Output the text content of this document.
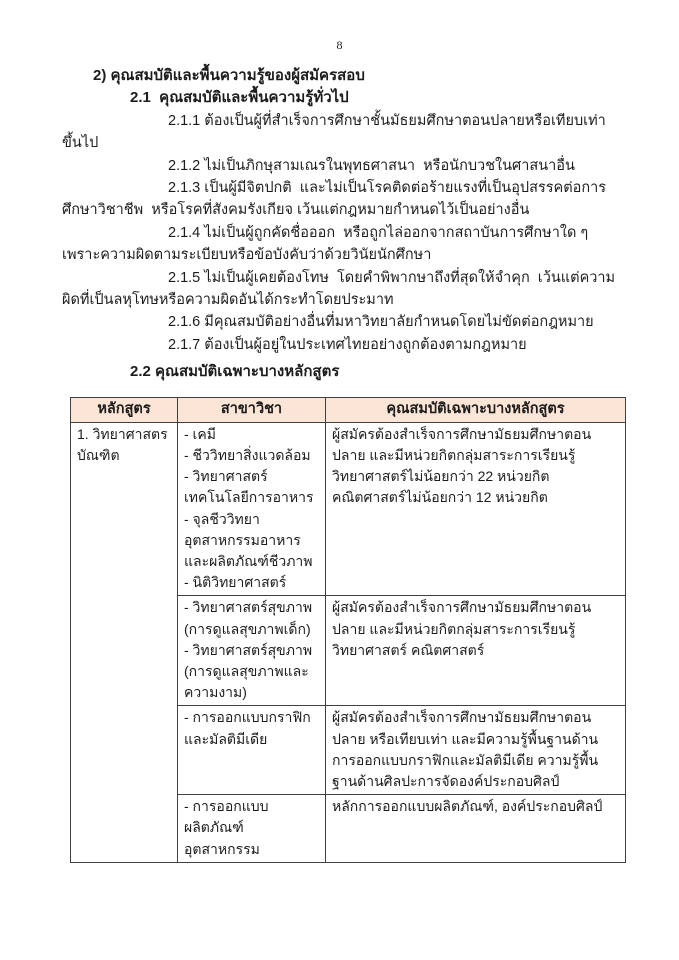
8

2) คุณสมบัติและพื้นความรู้ของผู้สมัครสอบ

2.1  คุณสมบัติและพื้นความรู้ทั่วไป

2.1.1 ต้องเป็นผู้ที่สำเร็จการศึกษาชั้นมัธยมศึกษาตอนปลายหรือเทียบเท่าขึ้นไป

2.1.2 ไม่เป็นภิกษุสามเณรในพุทธศาสนา  หรือนักบวชในศาสนาอื่น

2.1.3 เป็นผู้มีจิตปกติ  และไม่เป็นโรคติดต่อร้ายแรงที่เป็นอุปสรรคต่อการศึกษาวิชาชีพ  หรือโรคที่สังคมรังเกียจ เว้นแต่กฎหมายกำหนดไว้เป็นอย่างอื่น

2.1.4 ไม่เป็นผู้ถูกคัดชื่อออก  หรือถูกไล่ออกจากสถาบันการศึกษาใด ๆ เพราะความผิดตามระเบียบหรือข้อบังคับว่าด้วยวินัยนักศึกษา

2.1.5 ไม่เป็นผู้เคยต้องโทษ  โดยคำพิพากษาถึงที่สุดให้จำคุก  เว้นแต่ความผิดที่เป็นลหุโทษหรือความผิดอันได้กระทำโดยประมาท

2.1.6 มีคุณสมบัติอย่างอื่นที่มหาวิทยาลัยกำหนดโดยไม่ขัดต่อกฎหมาย

2.1.7 ต้องเป็นผู้อยู่ในประเทศไทยอย่างถูกต้องตามกฎหมาย

2.2 คุณสมบัติเฉพาะบางหลักสูตร

หลักสูตร	สาขาวิชา	คุณสมบัติเฉพาะบางหลักสูตร
1. วิทยาศาสตรบัณฑิต	- เคมี
- ชีววิทยาสิ่งแวดล้อม
- วิทยาศาสตร์เทคโนโลยีการอาหาร
- จุลชีววิทยาอุตสาหกรรมอาหารและผลิตภัณฑ์ชีวภาพ
- นิติวิทยาศาสตร์	ผู้สมัครต้องสำเร็จการศึกษามัธยมศึกษาตอนปลาย และมีหน่วยกิตกลุ่มสาระการเรียนรู้วิทยาศาสตร์ไม่น้อยกว่า 22 หน่วยกิต คณิตศาสตร์ไม่น้อยกว่า 12 หน่วยกิต

	- วิทยาศาสตร์สุขภาพ (การดูแลสุขภาพเด็ก)
- วิทยาศาสตร์สุขภาพ (การดูแลสุขภาพและความงาม)	ผู้สมัครต้องสำเร็จการศึกษามัธยมศึกษาตอนปลาย และมีหน่วยกิตกลุ่มสาระการเรียนรู้วิทยาศาสตร์ คณิตศาสตร์

	- การออกแบบกราฟิกและมัลติมีเดีย	ผู้สมัครต้องสำเร็จการศึกษามัธยมศึกษาตอนปลาย หรือเทียบเท่า และมีความรู้พื้นฐานด้านการออกแบบกราฟิกและมัลติมีเดีย ความรู้พื้นฐานด้านศิลปะการจัดองค์ประกอบศิลป์

	- การออกแบบผลิตภัณฑ์อุตสาหกรรม	หลักการออกแบบผลิตภัณฑ์, องค์ประกอบศิลป์
